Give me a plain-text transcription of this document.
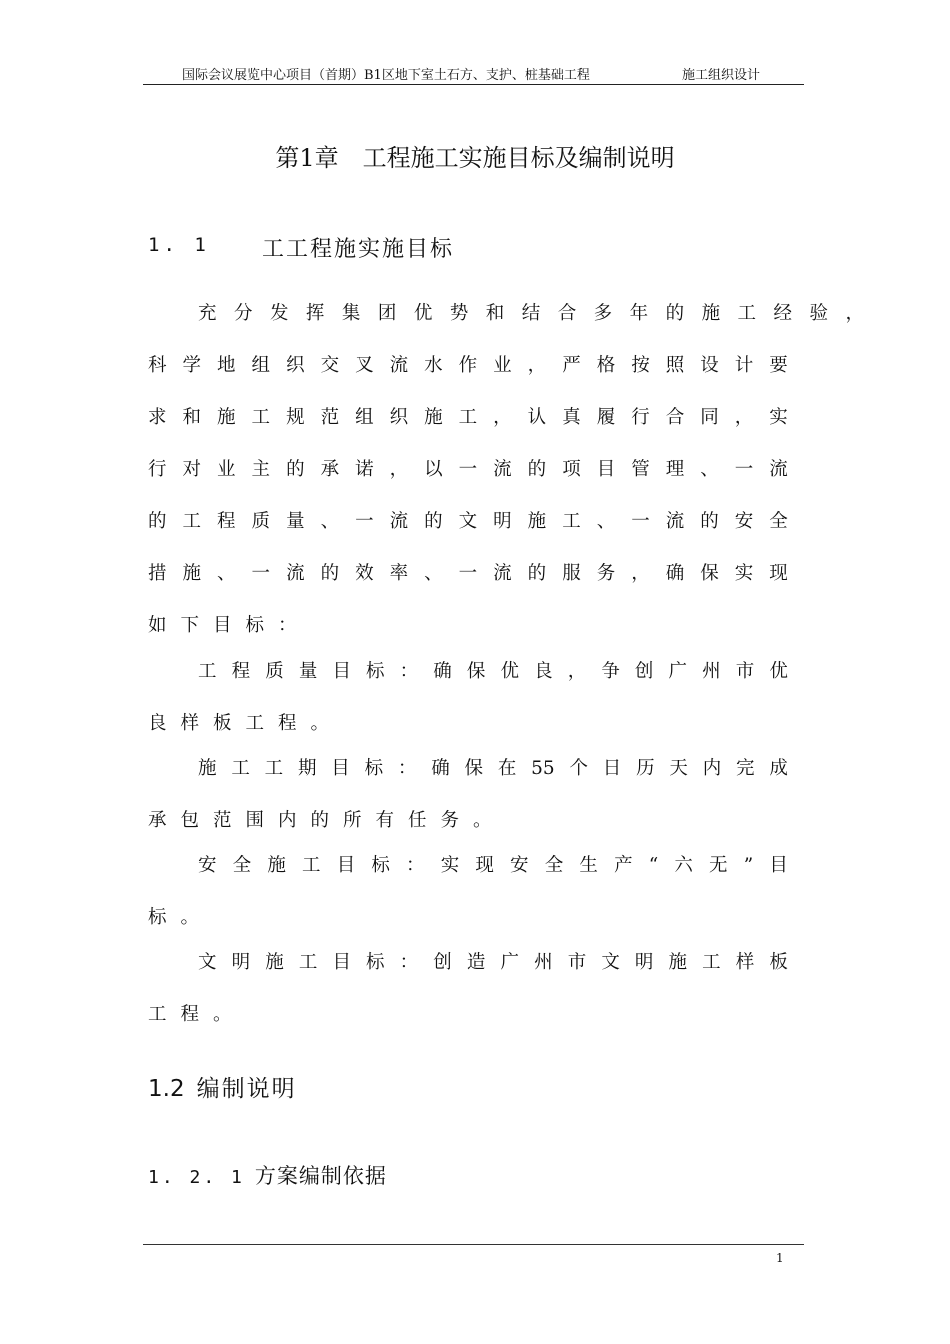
国际会议展览中心项目（首期）B1区地下室土石方、支护、桩基础工程	施工组织设计
第1章　工程施工实施目标及编制说明
1. 1 工工程施实施目标
充 分 发 挥 集 团 优 势 和 结 合 多 年 的 施 工 经 验 ，
科 学 地 组 织 交 叉 流 水 作 业 ， 严 格 按 照 设 计 要
求 和 施 工 规 范 组 织 施 工 ， 认 真 履 行 合 同 ， 实
行 对 业 主 的 承 诺 ， 以 一 流 的 项 目 管 理 、 一 流
的 工 程 质 量 、 一 流 的 文 明 施 工 、 一 流 的 安 全
措 施 、 一 流 的 效 率 、 一 流 的 服 务 ， 确 保 实 现
如下目标：
工 程 质 量 目 标 ： 确 保 优 良 ， 争 创 广 州 市 优
良样板工程。
施 工 工 期 目 标 ： 确 保 在 55 个 日 历 天 内 完 成
承包范围内的所有任务。
安 全 施 工 目 标 ： 实 现 安 全 生 产 “ 六 无 ” 目
标。
文 明 施 工 目 标 ： 创 造 广 州 市 文 明 施 工 样 板
工程。
1.2 编制说明
1. 2. 1 方案编制依据
1
